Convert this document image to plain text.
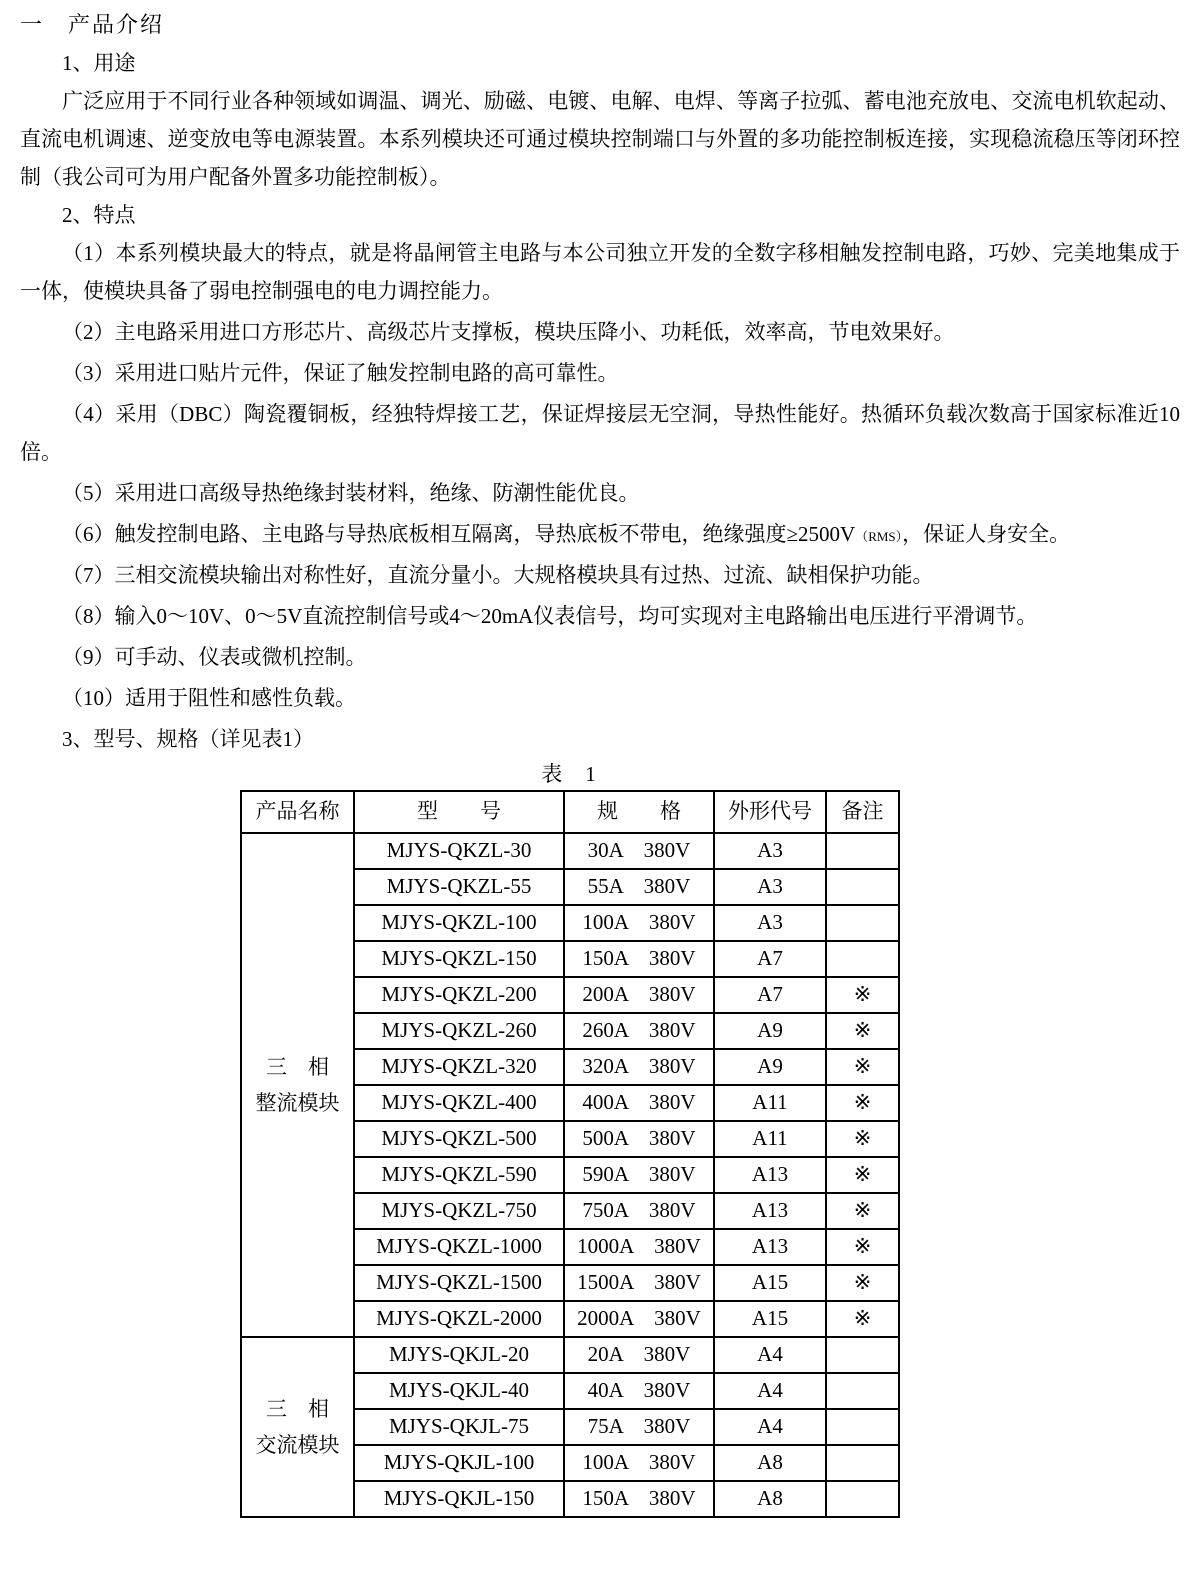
一　产品介绍
1、用途
广泛应用于不同行业各种领域如调温、调光、励磁、电镀、电解、电焊、等离子拉弧、蓄电池充放电、交流电机软起动、直流电机调速、逆变放电等电源装置。本系列模块还可通过模块控制端口与外置的多功能控制板连接，实现稳流稳压等闭环控制（我公司可为用户配备外置多功能控制板）。
2、特点
（1）本系列模块最大的特点，就是将晶闸管主电路与本公司独立开发的全数字移相触发控制电路，巧妙、完美地集成于一体，使模块具备了弱电控制强电的电力调控能力。
（2）主电路采用进口方形芯片、高级芯片支撑板，模块压降小、功耗低，效率高，节电效果好。
（3）采用进口贴片元件，保证了触发控制电路的高可靠性。
（4）采用（DBC）陶瓷覆铜板，经独特焊接工艺，保证焊接层无空洞，导热性能好。热循环负载次数高于国家标准近10倍。
（5）采用进口高级导热绝缘封装材料，绝缘、防潮性能优良。
（6）触发控制电路、主电路与导热底板相互隔离，导热底板不带电，绝缘强度≥2500V（RMS），保证人身安全。
（7）三相交流模块输出对称性好，直流分量小。大规格模块具有过热、过流、缺相保护功能。
（8）输入0～10V、0～5V直流控制信号或4～20mA仪表信号，均可实现对主电路输出电压进行平滑调节。
（9）可手动、仪表或微机控制。
（10）适用于阻性和感性负载。
3、型号、规格（详见表1）
表　1
产品名称	型　　号	规　　格	外形代号	备注

三　相
整流模块	MJYS-QKZL-30	30A　380V	A3	
	MJYS-QKZL-55	55A　380V	A3	
	MJYS-QKZL-100	100A　380V	A3	
	MJYS-QKZL-150	150A　380V	A7	
	MJYS-QKZL-200	200A　380V	A7	※
	MJYS-QKZL-260	260A　380V	A9	※
	MJYS-QKZL-320	320A　380V	A9	※
	MJYS-QKZL-400	400A　380V	A11	※
	MJYS-QKZL-500	500A　380V	A11	※
	MJYS-QKZL-590	590A　380V	A13	※
	MJYS-QKZL-750	750A　380V	A13	※
	MJYS-QKZL-1000	1000A　380V	A13	※
	MJYS-QKZL-1500	1500A　380V	A15	※
	MJYS-QKZL-2000	2000A　380V	A15	※

三　相
交流模块	MJYS-QKJL-20	20A　380V	A4	
	MJYS-QKJL-40	40A　380V	A4	
	MJYS-QKJL-75	75A　380V	A4	
	MJYS-QKJL-100	100A　380V	A8	
	MJYS-QKJL-150	150A　380V	A8	
